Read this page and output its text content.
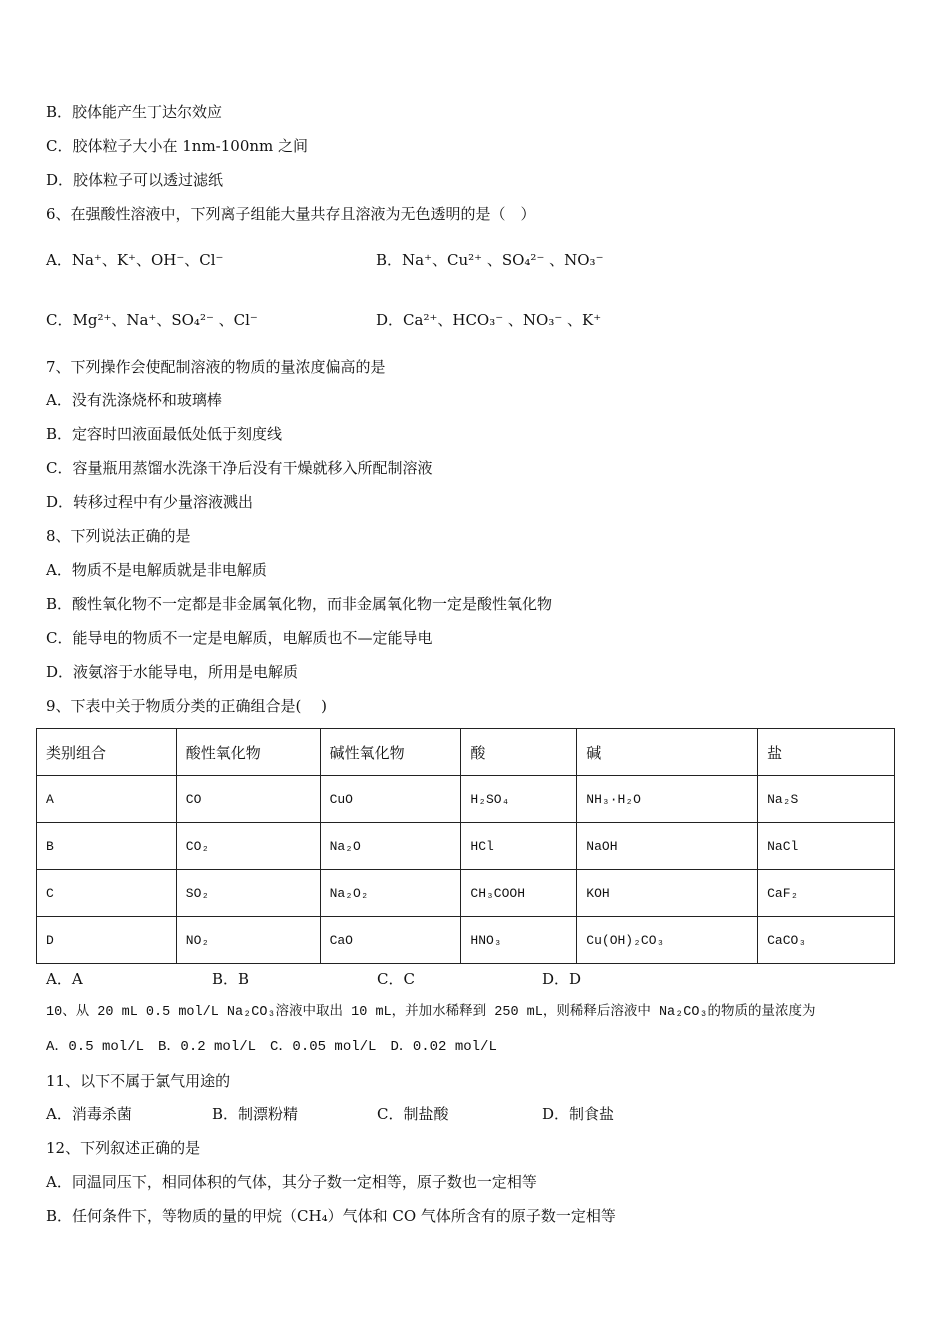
B．胶体能产生丁达尔效应
C．胶体粒子大小在 1nm-100nm 之间
D．胶体粒子可以透过滤纸
6、在强酸性溶液中，下列离子组能大量共存且溶液为无色透明的是（　）
A．Na⁺、K⁺、OH⁻、Cl⁻	B．Na⁺、Cu²⁺ 、SO₄²⁻ 、NO₃⁻
C．Mg²⁺、Na⁺、SO₄²⁻ 、Cl⁻	D．Ca²⁺、HCO₃⁻ 、NO₃⁻ 、K⁺
7、下列操作会使配制溶液的物质的量浓度偏高的是
A．没有洗涤烧杯和玻璃棒
B．定容时凹液面最低处低于刻度线
C．容量瓶用蒸馏水洗涤干净后没有干燥就移入所配制溶液
D．转移过程中有少量溶液溅出
8、下列说法正确的是
A．物质不是电解质就是非电解质
B．酸性氧化物不一定都是非金属氧化物，而非金属氧化物一定是酸性氧化物
C．能导电的物质不一定是电解质，电解质也不—定能导电
D．液氨溶于水能导电，所用是电解质
9、下表中关于物质分类的正确组合是(　 )
类别组合	酸性氧化物	碱性氧化物	酸	碱	盐
A	CO	CuO	H₂SO₄	NH₃·H₂O	Na₂S
B	CO₂	Na₂O	HCl	NaOH	NaCl
C	SO₂	Na₂O₂	CH₃COOH	KOH	CaF₂
D	NO₂	CaO	HNO₃	Cu(OH)₂CO₃	CaCO₃
A．A	B．B	C．C	D．D
10、从 20 mL 0.5 mol/L Na₂CO₃溶液中取出 10 mL，并加水稀释到 250 mL，则稀释后溶液中 Na₂CO₃的物质的量浓度为
A．0.5 mol/L　B．0.2 mol/L　C．0.05 mol/L　D．0.02 mol/L
11、以下不属于氯气用途的
A．消毒杀菌	B．制漂粉精	C．制盐酸	D．制食盐
12、下列叙述正确的是
A．同温同压下，相同体积的气体，其分子数一定相等，原子数也一定相等
B．任何条件下，等物质的量的甲烷（CH₄）气体和 CO 气体所含有的原子数一定相等
